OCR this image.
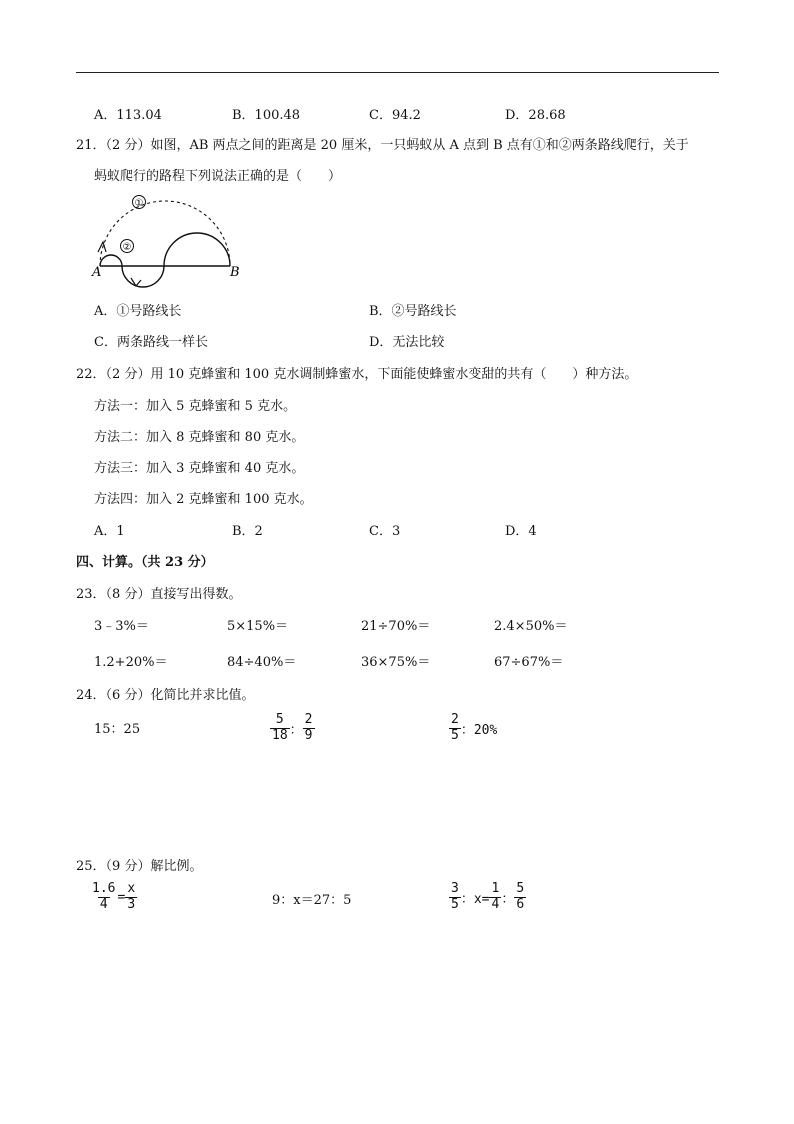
A．113.04	B．100.48	C．94.2	D．28.68
21．（2 分）如图，AB 两点之间的距离是 20 厘米，一只蚂蚁从 A 点到 B 点有①和②两条路线爬行，关于
蚂蚁爬行的路程下列说法正确的是（　　）
①
②
A	B
A．①号路线长	B．②号路线长
C．两条路线一样长	D．无法比较
22．（2 分）用 10 克蜂蜜和 100 克水调制蜂蜜水，下面能使蜂蜜水变甜的共有（　　）种方法。
方法一：加入 5 克蜂蜜和 5 克水。
方法二：加入 8 克蜂蜜和 80 克水。
方法三：加入 3 克蜂蜜和 40 克水。
方法四：加入 2 克蜂蜜和 100 克水。
A．1	B．2	C．3	D．4
四、计算。（共 23 分）
23．（8 分）直接写出得数。
3﹣3%＝	5×15%＝	21÷70%＝	2.4×50%＝
1.2+20%＝	84÷40%＝	36×75%＝	67÷67%＝
24．（6 分）化简比并求比值。
15：25	$\frac{5}{18}$ ： $\frac{2}{9}$	$\frac{2}{5}$ ：20%
25．（9 分）解比例。
$\frac{1.6}{4} = \frac{x}{3}$	9：x＝27：5	$\frac{3}{5}$ ：$x= \frac{1}{4}$ ： $\frac{5}{6}$
